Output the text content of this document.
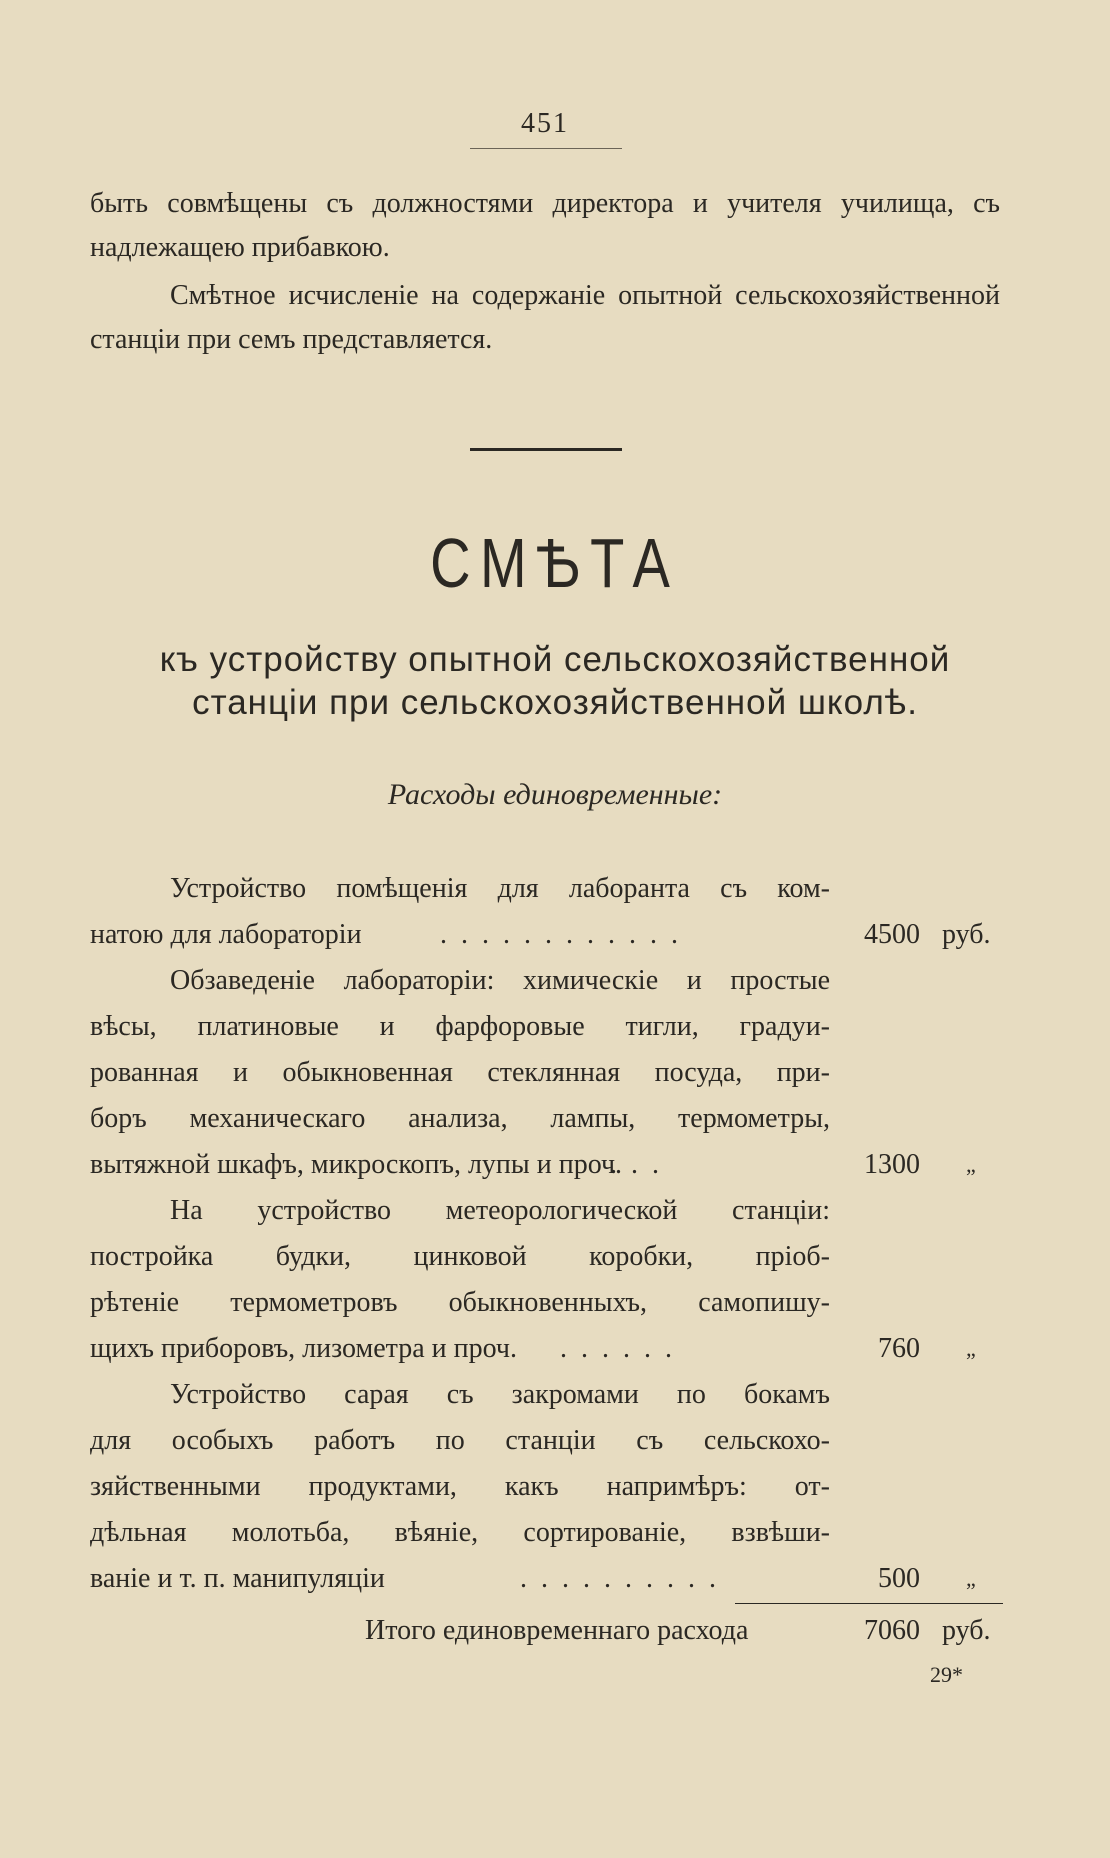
451

быть совмѣщены съ должностями директора и учителя училища, съ надлежащею прибавкою.

Смѣтное исчисленіе на содержаніе опытной сельскохозяйственной станціи при семъ представляется.

СМѢТА
къ устройству опытной сельскохозяйственной
станціи при сельскохозяйственной школѣ.
Расходы единовременные:
Устройство помѣщенія для лаборанта съ ком-
натою для лабораторіи	............	4500 руб.
Обзаведеніе лабораторіи: химическіе и простые
вѣсы, платиновые и фарфоровые тигли, градуи-
рованная и обыкновенная стеклянная посуда, при-
боръ механическаго анализа, лампы, термометры,
вытяжной шкафъ, микроскопъ, лупы и проч.
...	1300 „
На устройство метеорологической станціи:
постройка будки, цинковой коробки, пріоб-
рѣтеніе термометровъ обыкновенныхъ, самопишу-
щихъ приборовъ, лизометра и проч.	......	760 „
Устройство сарая съ закромами по бокамъ
для особыхъ работъ по станціи съ сельскохо-
зяйственными продуктами, какъ напримѣръ: от-
дѣльная молотьба, вѣяніе, сортированіе, взвѣши-
ваніе и т. п. манипуляціи	..........	500 „
Итого единовременнаго расхода	7060 руб.
29*
